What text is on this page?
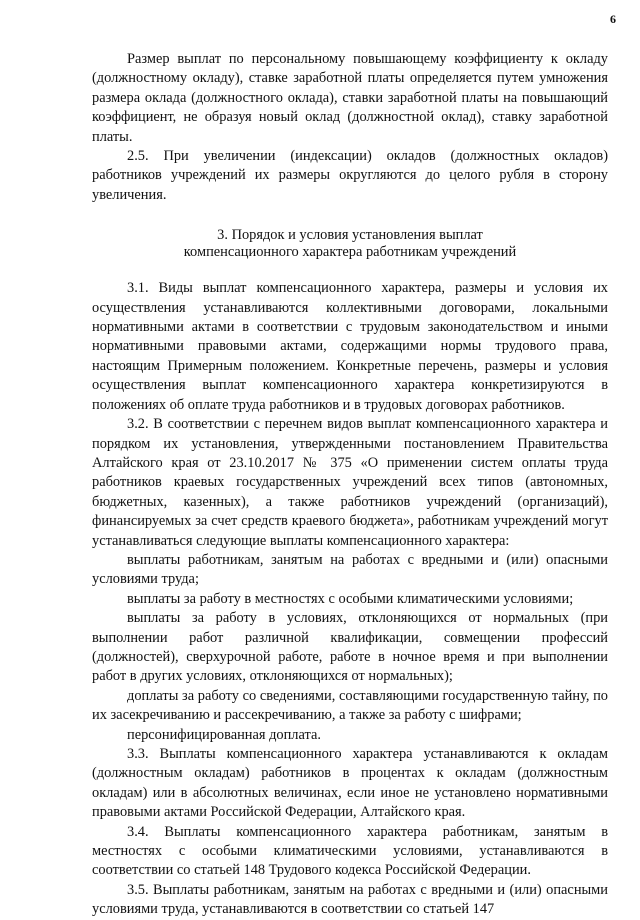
6

Размер выплат по персональному повышающему коэффициенту к окладу (должностному окладу), ставке заработной платы определяется путем умножения размера оклада (должностного оклада), ставки заработной платы на повышающий коэффициент, не образуя новый оклад (должностной оклад), ставку заработной платы.

2.5. При увеличении (индексации) окладов (должностных окладов) работников учреждений их размеры округляются до целого рубля в сторону увеличения.

3. Порядок и условия установления выплат
компенсационного характера работникам учреждений

3.1. Виды выплат компенсационного характера, размеры и условия их осуществления устанавливаются коллективными договорами, локальными нормативными актами в соответствии с трудовым законодательством и иными нормативными правовыми актами, содержащими нормы трудового права, настоящим Примерным положением. Конкретные перечень, размеры и условия осуществления выплат компенсационного характера конкретизируются в положениях об оплате труда работников и в трудовых договорах работников.

3.2. В соответствии с перечнем видов выплат компенсационного характера и порядком их установления, утвержденными постановлением Правительства Алтайского края от 23.10.2017 № 375 «О применении систем оплаты труда работников краевых государственных учреждений всех типов (автономных, бюджетных, казенных), а также работников учреждений (организаций), финансируемых за счет средств краевого бюджета», работникам учреждений могут устанавливаться следующие выплаты компенсационного характера:

выплаты работникам, занятым на работах с вредными и (или) опасными условиями труда;

выплаты за работу в местностях с особыми климатическими условиями;

выплаты за работу в условиях, отклоняющихся от нормальных (при выполнении работ различной квалификации, совмещении профессий (должностей), сверхурочной работе, работе в ночное время и при выполнении работ в других условиях, отклоняющихся от нормальных);

доплаты за работу со сведениями, составляющими государственную тайну, по их засекречиванию и рассекречиванию, а также за работу с шифрами;

персонифицированная доплата.

3.3. Выплаты компенсационного характера устанавливаются к окладам (должностным окладам) работников в процентах к окладам (должностным окладам) или в абсолютных величинах, если иное не установлено нормативными правовыми актами Российской Федерации, Алтайского края.

3.4. Выплаты компенсационного характера работникам, занятым в местностях с особыми климатическими условиями, устанавливаются в соответствии со статьей 148 Трудового кодекса Российской Федерации.

3.5. Выплаты работникам, занятым на работах с вредными и (или) опасными условиями труда, устанавливаются в соответствии со статьей 147
